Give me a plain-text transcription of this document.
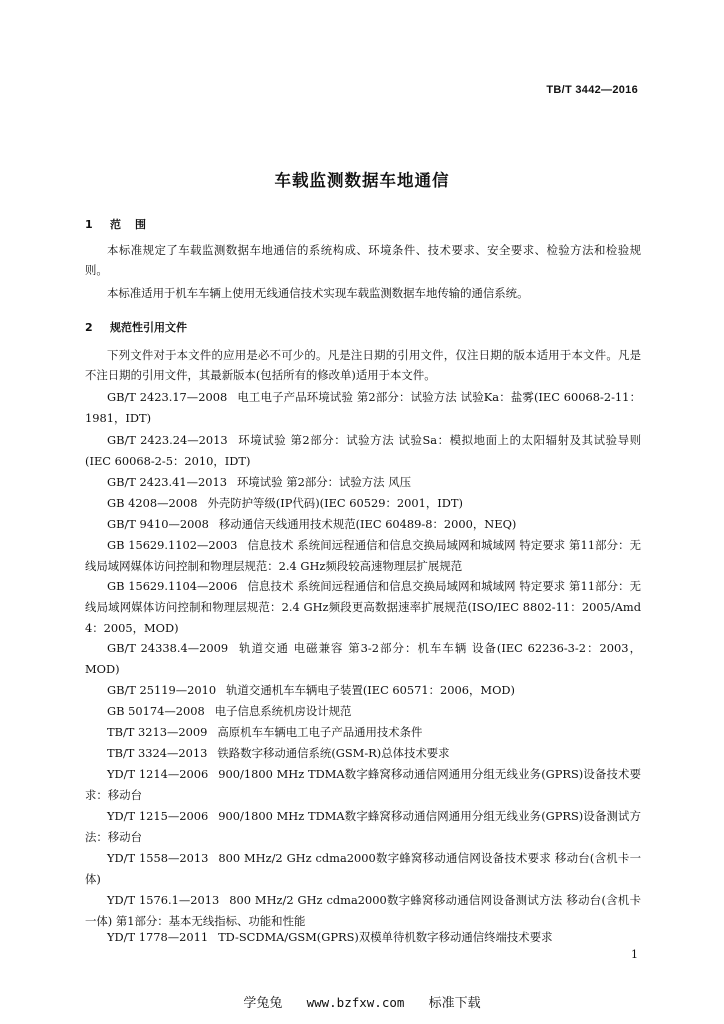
TB/T 3442—2016
车载监测数据车地通信
1 范围
本标准规定了车载监测数据车地通信的系统构成、环境条件、技术要求、安全要求、检验方法和检验规则。
本标准适用于机车车辆上使用无线通信技术实现车载监测数据车地传输的通信系统。
2 规范性引用文件
下列文件对于本文件的应用是必不可少的。凡是注日期的引用文件，仅注日期的版本适用于本文件。凡是不注日期的引用文件，其最新版本(包括所有的修改单)适用于本文件。
GB/T 2423.17—2008 电工电子产品环境试验 第2部分：试验方法 试验Ka：盐雾(IEC 60068-2-11：1981，IDT)
GB/T 2423.24—2013 环境试验 第2部分：试验方法 试验Sa：模拟地面上的太阳辐射及其试验导则(IEC 60068-2-5：2010，IDT)
GB/T 2423.41—2013 环境试验 第2部分：试验方法 风压
GB 4208—2008 外壳防护等级(IP代码)(IEC 60529：2001，IDT)
GB/T 9410—2008 移动通信天线通用技术规范(IEC 60489-8：2000，NEQ)
GB 15629.1102—2003 信息技术 系统间远程通信和信息交换局域网和城域网 特定要求 第11部分：无线局域网媒体访问控制和物理层规范：2.4 GHz频段较高速物理层扩展规范
GB 15629.1104—2006 信息技术 系统间远程通信和信息交换局域网和城域网 特定要求 第11部分：无线局域网媒体访问控制和物理层规范：2.4 GHz频段更高数据速率扩展规范(ISO/IEC 8802-11：2005/Amd 4：2005，MOD)
GB/T 24338.4—2009 轨道交通 电磁兼容 第3-2部分：机车车辆 设备(IEC 62236-3-2：2003，MOD)
GB/T 25119—2010 轨道交通机车车辆电子装置(IEC 60571：2006，MOD)
GB 50174—2008 电子信息系统机房设计规范
TB/T 3213—2009 高原机车车辆电工电子产品通用技术条件
TB/T 3324—2013 铁路数字移动通信系统(GSM-R)总体技术要求
YD/T 1214—2006 900/1800 MHz TDMA数字蜂窝移动通信网通用分组无线业务(GPRS)设备技术要求：移动台
YD/T 1215—2006 900/1800 MHz TDMA数字蜂窝移动通信网通用分组无线业务(GPRS)设备测试方法：移动台
YD/T 1558—2013 800 MHz/2 GHz cdma2000数字蜂窝移动通信网设备技术要求 移动台(含机卡一体)
YD/T 1576.1—2013 800 MHz/2 GHz cdma2000数字蜂窝移动通信网设备测试方法 移动台(含机卡一体) 第1部分：基本无线指标、功能和性能
YD/T 1778—2011 TD-SCDMA/GSM(GPRS)双模单待机数字移动通信终端技术要求
1
学兔兔 www.bzfxw.com 标准下载
